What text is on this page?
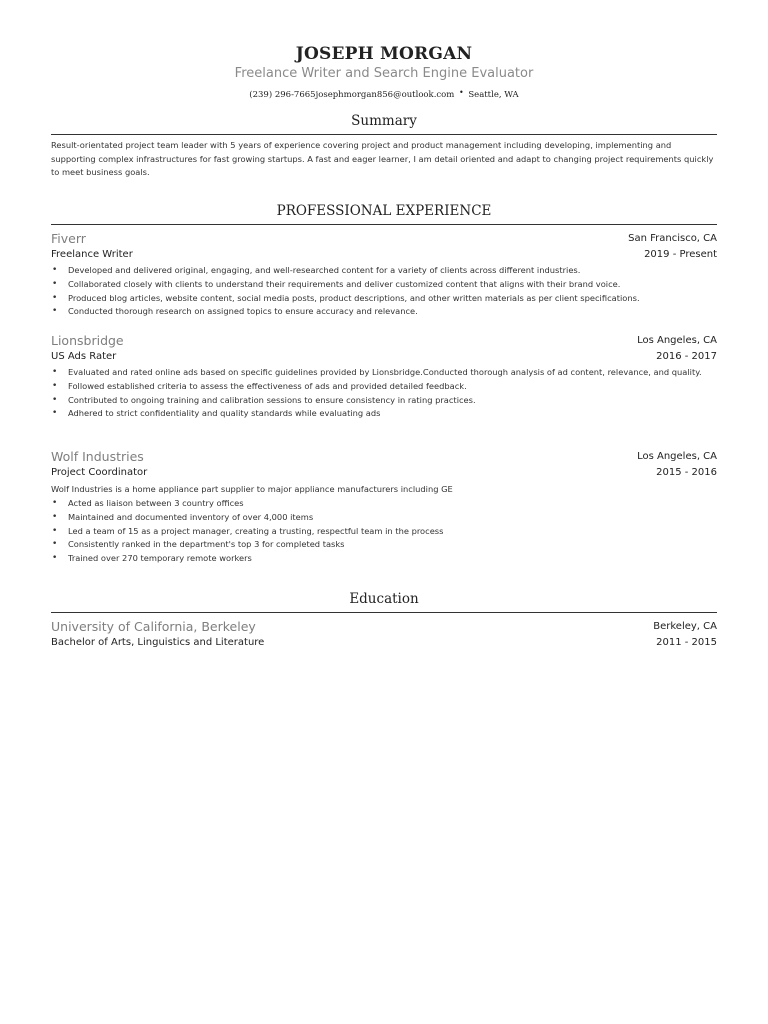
JOSEPH MORGAN
Freelance Writer and Search Engine Evaluator
(239) 296-7665josephmorgan856@outlook.com • Seattle, WA
Summary
Result-orientated project team leader with 5 years of experience covering project and product management including developing, implementing and supporting complex infrastructures for fast growing startups. A fast and eager learner, I am detail oriented and adapt to changing project requirements quickly to meet business goals.
PROFESSIONAL EXPERIENCE
Fiverr	San Francisco, CA
Freelance Writer	2019 - Present
• Developed and delivered original, engaging, and well-researched content for a variety of clients across different industries.
• Collaborated closely with clients to understand their requirements and deliver customized content that aligns with their brand voice.
• Produced blog articles, website content, social media posts, product descriptions, and other written materials as per client specifications.
• Conducted thorough research on assigned topics to ensure accuracy and relevance.
Lionsbridge	Los Angeles, CA
US Ads Rater	2016 - 2017
• Evaluated and rated online ads based on specific guidelines provided by Lionsbridge.Conducted thorough analysis of ad content, relevance, and quality.
• Followed established criteria to assess the effectiveness of ads and provided detailed feedback.
• Contributed to ongoing training and calibration sessions to ensure consistency in rating practices.
• Adhered to strict confidentiality and quality standards while evaluating ads
Wolf Industries	Los Angeles, CA
Project Coordinator	2015 - 2016
Wolf Industries is a home appliance part supplier to major appliance manufacturers including GE
• Acted as liaison between 3 country offices
• Maintained and documented inventory of over 4,000 items
• Led a team of 15 as a project manager, creating a trusting, respectful team in the process
• Consistently ranked in the department's top 3 for completed tasks
• Trained over 270 temporary remote workers
Education
University of California, Berkeley	Berkeley, CA
Bachelor of Arts, Linguistics and Literature	2011 - 2015
